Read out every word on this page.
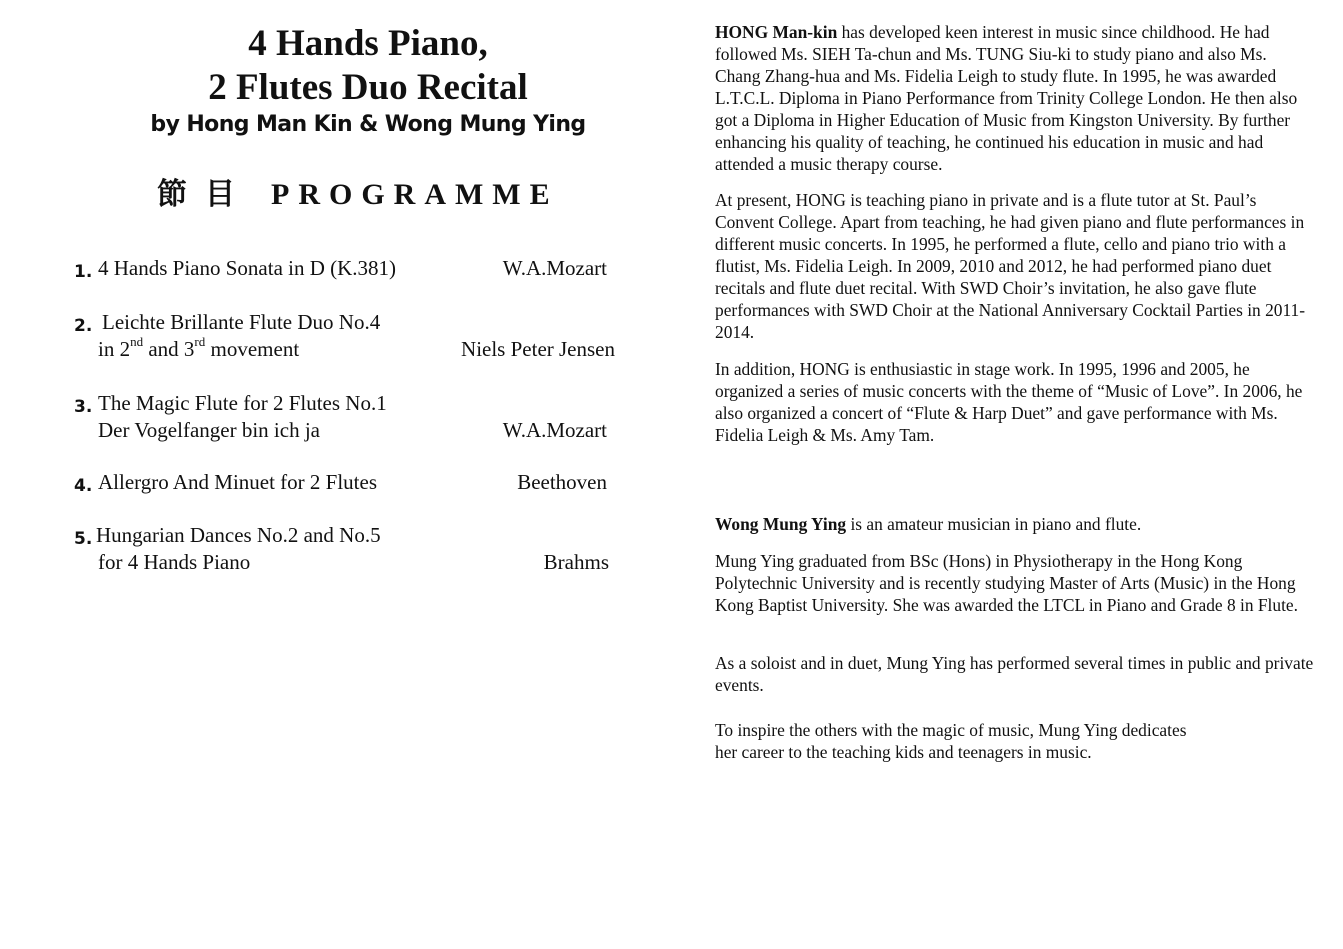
4 Hands Piano,
2 Flutes Duo Recital
by Hong Man Kin & Wong Mung Ying
節 目 PROGRAMME
1. 4 Hands Piano Sonata in D (K.381)	W.A.Mozart
2. Leichte Brillante Flute Duo No.4
in 2nd and 3rd movement	Niels Peter Jensen
3. The Magic Flute for 2 Flutes No.1
Der Vogelfanger bin ich ja	W.A.Mozart
4. Allergro And Minuet for 2 Flutes	Beethoven
5. Hungarian Dances No.2 and No.5
for 4 Hands Piano	Brahms

HONG Man-kin has developed keen interest in music since childhood. He had followed Ms. SIEH Ta-chun and Ms. TUNG Siu-ki to study piano and also Ms. Chang Zhang-hua and Ms. Fidelia Leigh to study flute. In 1995, he was awarded L.T.C.L. Diploma in Piano Performance from Trinity College London. He then also got a Diploma in Higher Education of Music from Kingston University. By further enhancing his quality of teaching, he continued his education in music and had attended a music therapy course.

At present, HONG is teaching piano in private and is a flute tutor at St. Paul’s Convent College. Apart from teaching, he had given piano and flute performances in different music concerts. In 1995, he performed a flute, cello and piano trio with a flutist, Ms. Fidelia Leigh. In 2009, 2010 and 2012, he had performed piano duet recitals and flute duet recital. With SWD Choir’s invitation, he also gave flute performances with SWD Choir at the National Anniversary Cocktail Parties in 2011- 2014.

In addition, HONG is enthusiastic in stage work. In 1995, 1996 and 2005, he organized a series of music concerts with the theme of “Music of Love”. In 2006, he also organized a concert of “Flute & Harp Duet” and gave performance with Ms. Fidelia Leigh & Ms. Amy Tam.

Wong Mung Ying is an amateur musician in piano and flute.

Mung Ying graduated from BSc (Hons) in Physiotherapy in the Hong Kong Polytechnic University and is recently studying Master of Arts (Music) in the Hong Kong Baptist University. She was awarded the LTCL in Piano and Grade 8 in Flute.

As a soloist and in duet, Mung Ying has performed several times in public and private events.

To inspire the others with the magic of music, Mung Ying dedicates

her career to the teaching kids and teenagers in music.
